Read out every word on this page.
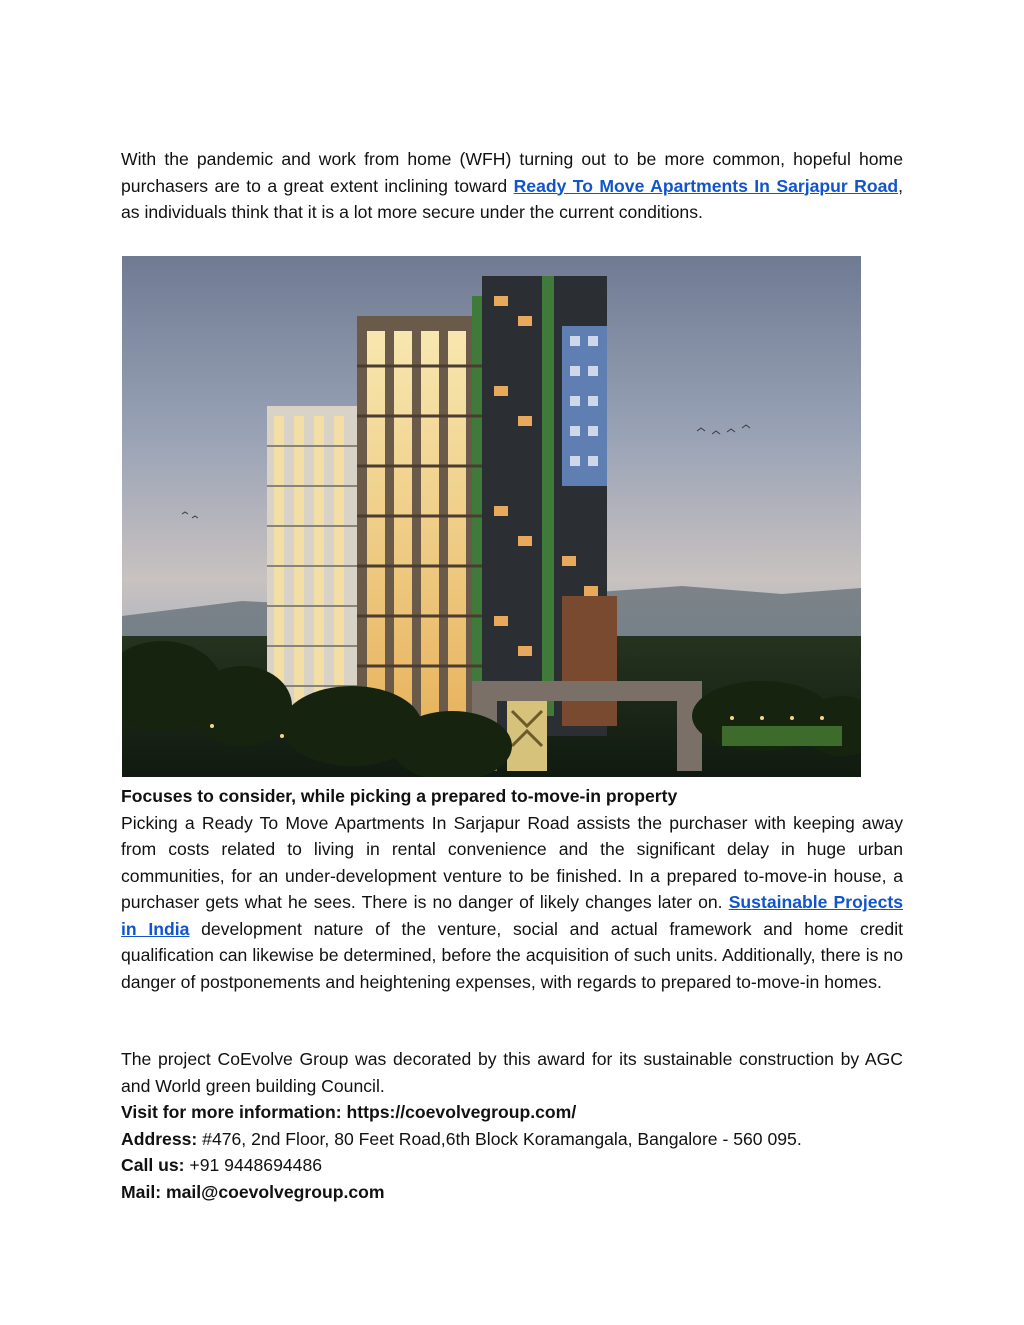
With the pandemic and work from home (WFH) turning out to be more common, hopeful home purchasers are to a great extent inclining toward Ready To Move Apartments In Sarjapur Road, as individuals think that it is a lot more secure under the current conditions.
Focuses to consider, while picking a prepared to-move-in property
Picking a Ready To Move Apartments In Sarjapur Road assists the purchaser with keeping away from costs related to living in rental convenience and the significant delay in huge urban communities, for an under-development venture to be finished. In a prepared to-move-in house, a purchaser gets what he sees. There is no danger of likely changes later on. Sustainable Projects in India development nature of the venture, social and actual framework and home credit qualification can likewise be determined, before the acquisition of such units. Additionally, there is no danger of postponements and heightening expenses, with regards to prepared to-move-in homes.
The project CoEvolve Group was decorated by this award for its sustainable construction by AGC and World green building Council.
Visit for more information: https://coevolvegroup.com/
Address: #476, 2nd Floor, 80 Feet Road,6th Block Koramangala, Bangalore - 560 095.
Call us: +91 9448694486
Mail: mail@coevolvegroup.com
